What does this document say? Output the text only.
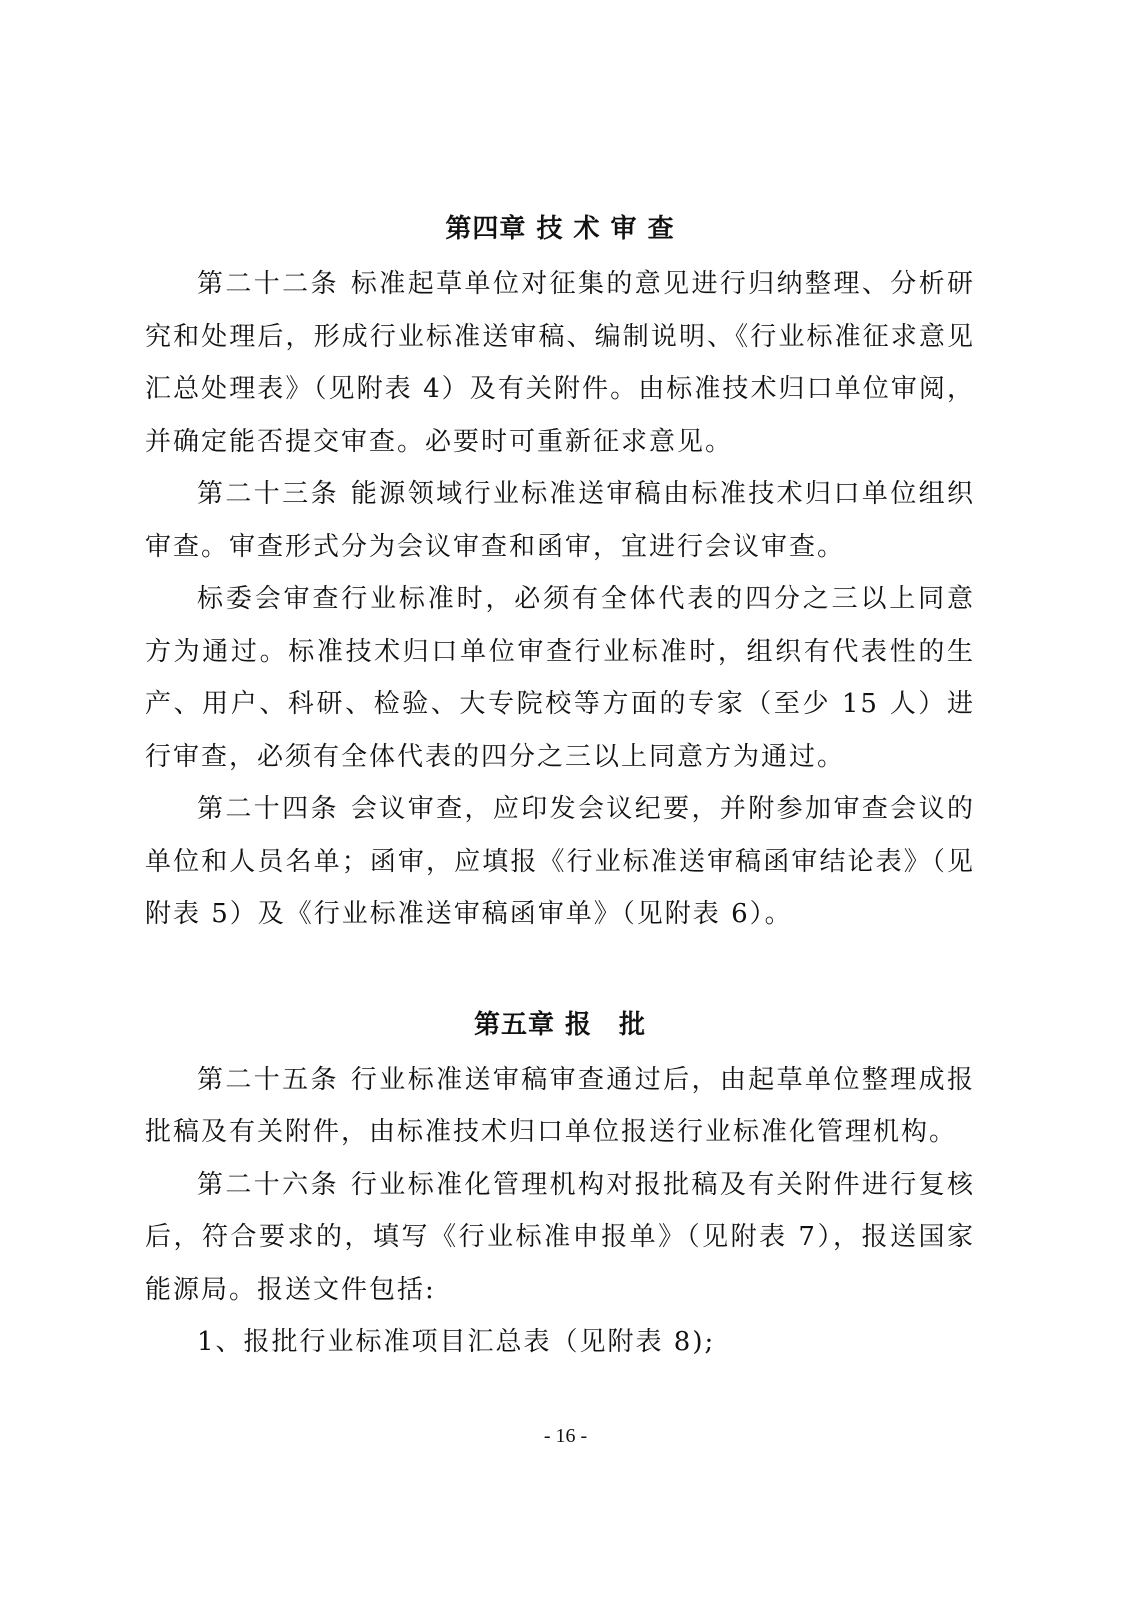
第四章 技 术 审 查

第二十二条 标准起草单位对征集的意见进行归纳整理、分析研究和处理后，形成行业标准送审稿、编制说明、《行业标准征求意见汇总处理表》（见附表 4）及有关附件。由标准技术归口单位审阅，并确定能否提交审查。必要时可重新征求意见。

第二十三条 能源领域行业标准送审稿由标准技术归口单位组织审查。审查形式分为会议审查和函审，宜进行会议审查。

标委会审查行业标准时，必须有全体代表的四分之三以上同意方为通过。标准技术归口单位审查行业标准时，组织有代表性的生产、用户、科研、检验、大专院校等方面的专家（至少 15 人）进行审查，必须有全体代表的四分之三以上同意方为通过。

第二十四条 会议审查，应印发会议纪要，并附参加审查会议的单位和人员名单；函审，应填报《行业标准送审稿函审结论表》（见附表 5）及《行业标准送审稿函审单》（见附表 6）。

第五章 报　批

第二十五条 行业标准送审稿审查通过后，由起草单位整理成报批稿及有关附件，由标准技术归口单位报送行业标准化管理机构。

第二十六条 行业标准化管理机构对报批稿及有关附件进行复核后，符合要求的，填写《行业标准申报单》（见附表 7），报送国家能源局。报送文件包括:

1、报批行业标准项目汇总表（见附表 8);

- 16 -
